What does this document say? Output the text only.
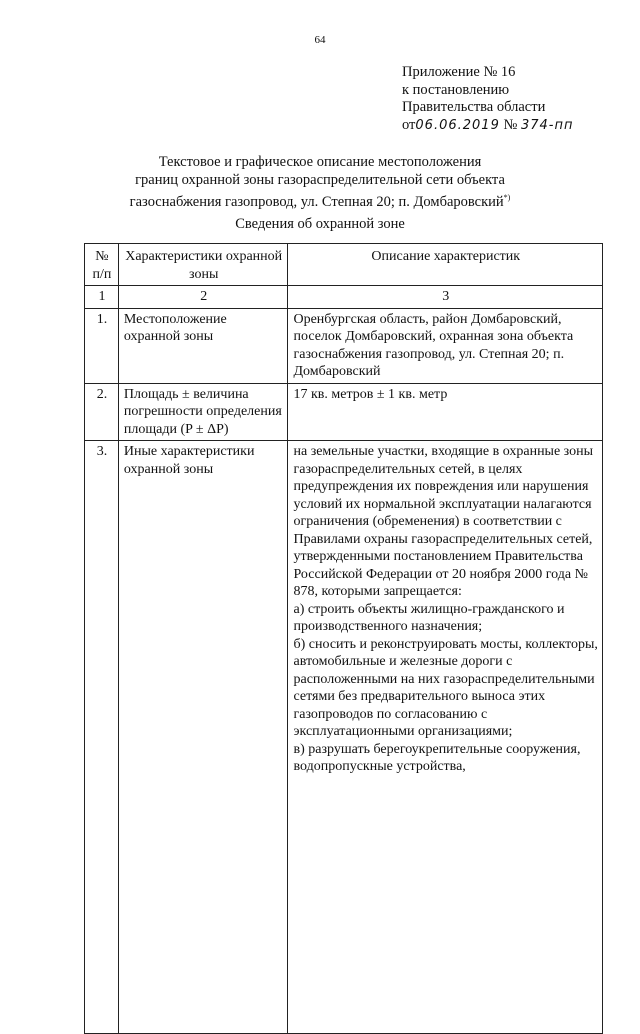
64
Приложение № 16
к постановлению
Правительства области
от06.06.2019 № 374-пп
Текстовое и графическое описание местоположения
границ охранной зоны газораспределительной сети объекта
газоснабжения газопровод, ул. Степная 20; п. Домбаровский*)
Сведения об охранной зоне
№ п/п	Характеристики охранной зоны	Описание характеристик
1	2	3
1.	Местоположение охранной зоны	Оренбургская область, район Домбаровский, поселок Домбаровский, охранная зона объекта газоснабжения газопровод, ул. Степная 20; п. Домбаровский
2.	Площадь ± величина погрешности определения площади (P ± ΔP)	17 кв. метров ± 1 кв. метр
3.	Иные характеристики охранной зоны	на земельные участки, входящие в охранные зоны газораспределительных сетей, в целях предупреждения их повреждения или нарушения условий их нормальной эксплуатации налагаются ограничения (обременения) в соответствии с Правилами охраны газораспределительных сетей, утвержденными постановлением Правительства Российской Федерации от 20 ноября 2000 года № 878, которыми запрещается:
а) строить объекты жилищно-гражданского и производственного назначения;
б) сносить и реконструировать мосты, коллекторы, автомобильные и железные дороги с расположенными на них газораспределительными сетями без предварительного выноса этих газопроводов по согласованию с эксплуатационными организациями;
в) разрушать берегоукрепительные сооружения, водопропускные устройства,
